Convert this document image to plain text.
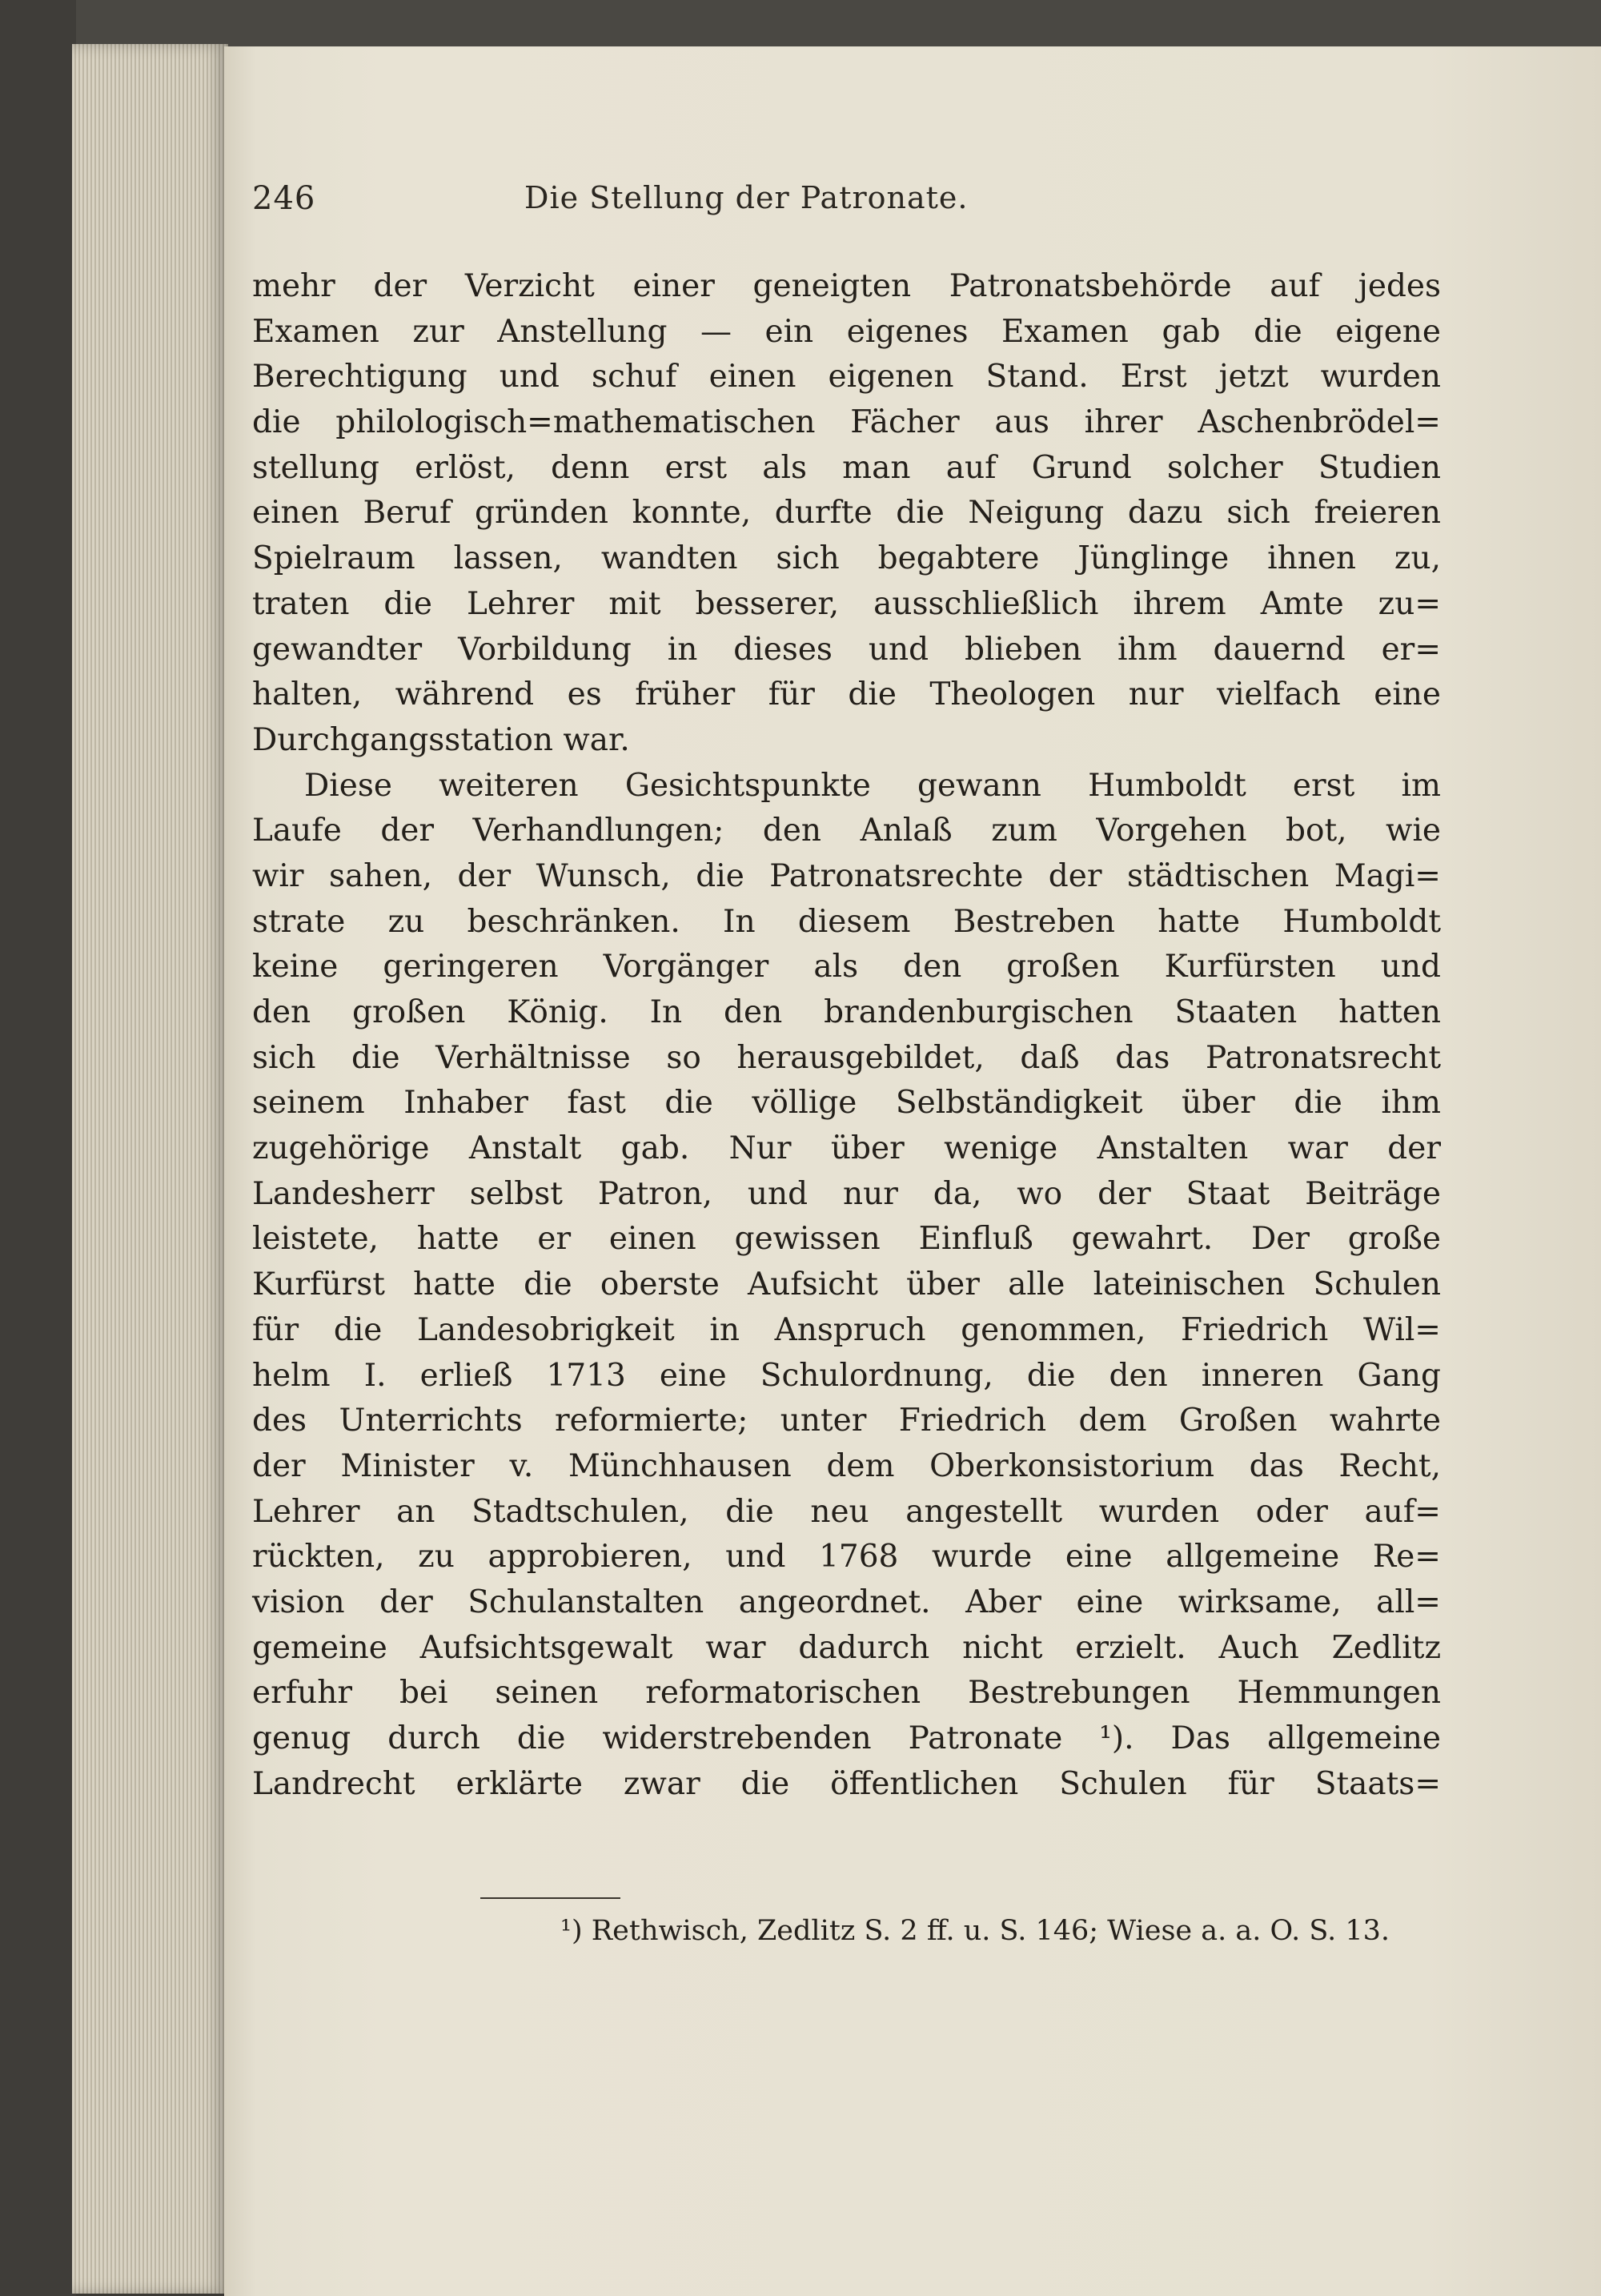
246	Die Stellung der Patronate.
mehr der Verzicht einer geneigten Patronatsbehörde auf jedes
Examen zur Anstellung — ein eigenes Examen gab die eigene
Berechtigung und schuf einen eigenen Stand. Erst jetzt wurden
die philologisch=mathematischen Fächer aus ihrer Aschenbrödel=
stellung erlöst, denn erst als man auf Grund solcher Studien
einen Beruf gründen konnte, durfte die Neigung dazu sich freieren
Spielraum lassen, wandten sich begabtere Jünglinge ihnen zu,
traten die Lehrer mit besserer, ausschließlich ihrem Amte zu=
gewandter Vorbildung in dieses und blieben ihm dauernd er=
halten, während es früher für die Theologen nur vielfach eine
Durchgangsstation war.
Diese weiteren Gesichtspunkte gewann Humboldt erst im
Laufe der Verhandlungen; den Anlaß zum Vorgehen bot, wie
wir sahen, der Wunsch, die Patronatsrechte der städtischen Magi=
strate zu beschränken. In diesem Bestreben hatte Humboldt
keine geringeren Vorgänger als den großen Kurfürsten und
den großen König. In den brandenburgischen Staaten hatten
sich die Verhältnisse so herausgebildet, daß das Patronatsrecht
seinem Inhaber fast die völlige Selbständigkeit über die ihm
zugehörige Anstalt gab. Nur über wenige Anstalten war der
Landesherr selbst Patron, und nur da, wo der Staat Beiträge
leistete, hatte er einen gewissen Einfluß gewahrt. Der große
Kurfürst hatte die oberste Aufsicht über alle lateinischen Schulen
für die Landesobrigkeit in Anspruch genommen, Friedrich Wil=
helm I. erließ 1713 eine Schulordnung, die den inneren Gang
des Unterrichts reformierte; unter Friedrich dem Großen wahrte
der Minister v. Münchhausen dem Oberkonsistorium das Recht,
Lehrer an Stadtschulen, die neu angestellt wurden oder auf=
rückten, zu approbieren, und 1768 wurde eine allgemeine Re=
vision der Schulanstalten angeordnet. Aber eine wirksame, all=
gemeine Aufsichtsgewalt war dadurch nicht erzielt. Auch Zedlitz
erfuhr bei seinen reformatorischen Bestrebungen Hemmungen
genug durch die widerstrebenden Patronate ¹). Das allgemeine
Landrecht erklärte zwar die öffentlichen Schulen für Staats=
¹) Rethwisch, Zedlitz S. 2 ff. u. S. 146; Wiese a. a. O. S. 13.
